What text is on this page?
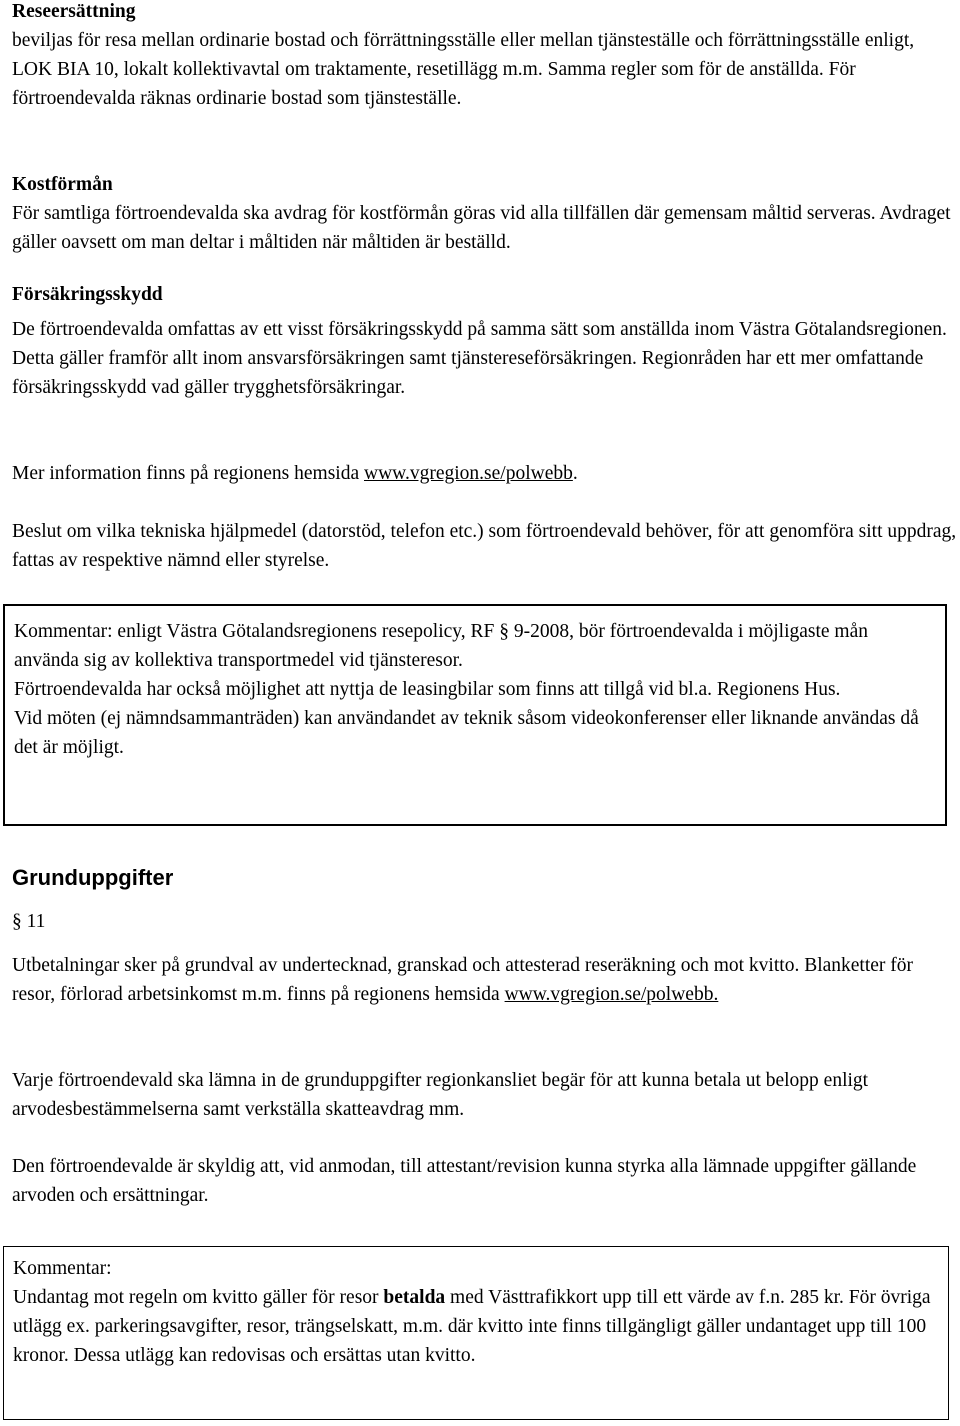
Reseersättning

beviljas för resa mellan ordinarie bostad och förrättningsställe eller mellan tjänsteställe och förrättningsställe enligt, LOK BIA 10, lokalt kollektivavtal om traktamente, resetillägg m.m. Samma regler som för de anställda. För förtroendevalda räknas ordinarie bostad som tjänsteställe.

Kostförmån

För samtliga förtroendevalda ska avdrag för kostförmån göras vid alla tillfällen där gemensam måltid serveras. Avdraget gäller oavsett om man deltar i måltiden när måltiden är beställd.

Försäkringsskydd

De förtroendevalda omfattas av ett visst försäkringsskydd på samma sätt som anställda inom Västra Götalandsregionen. Detta gäller framför allt inom ansvarsförsäkringen samt tjänstereseförsäkringen. Regionråden har ett mer omfattande försäkringsskydd vad gäller trygghetsförsäkringar.

Mer information finns på regionens hemsida www.vgregion.se/polwebb.

Beslut om vilka tekniska hjälpmedel (datorstöd, telefon etc.) som förtroendevald behöver, för att genomföra sitt uppdrag, fattas av respektive nämnd eller styrelse.

Kommentar: enligt Västra Götalandsregionens resepolicy, RF § 9-2008, bör förtroendevalda i möjligaste mån använda sig av kollektiva transportmedel vid tjänsteresor.

Förtroendevalda har också möjlighet att nyttja de leasingbilar som finns att tillgå vid bl.a. Regionens Hus.

Vid möten (ej nämndsammanträden) kan användandet av teknik såsom videokonferenser eller liknande användas då det är möjligt.

Grunduppgifter

§ 11

Utbetalningar sker på grundval av undertecknad, granskad och attesterad reseräkning och mot kvitto. Blanketter för resor, förlorad arbetsinkomst m.m. finns på regionens hemsida www.vgregion.se/polwebb.

Varje förtroendevald ska lämna in de grunduppgifter regionkansliet begär för att kunna betala ut belopp enligt arvodesbestämmelserna samt verkställa skatteavdrag mm.

Den förtroendevalde är skyldig att, vid anmodan, till attestant/revision kunna styrka alla lämnade uppgifter gällande arvoden och ersättningar.

Kommentar:

Undantag mot regeln om kvitto gäller för resor betalda med Västtrafikkort upp till ett värde av f.n. 285 kr. För övriga utlägg ex. parkeringsavgifter, resor, trängselskatt, m.m. där kvitto inte finns tillgängligt gäller undantaget upp till 100 kronor. Dessa utlägg kan redovisas och ersättas utan kvitto.
